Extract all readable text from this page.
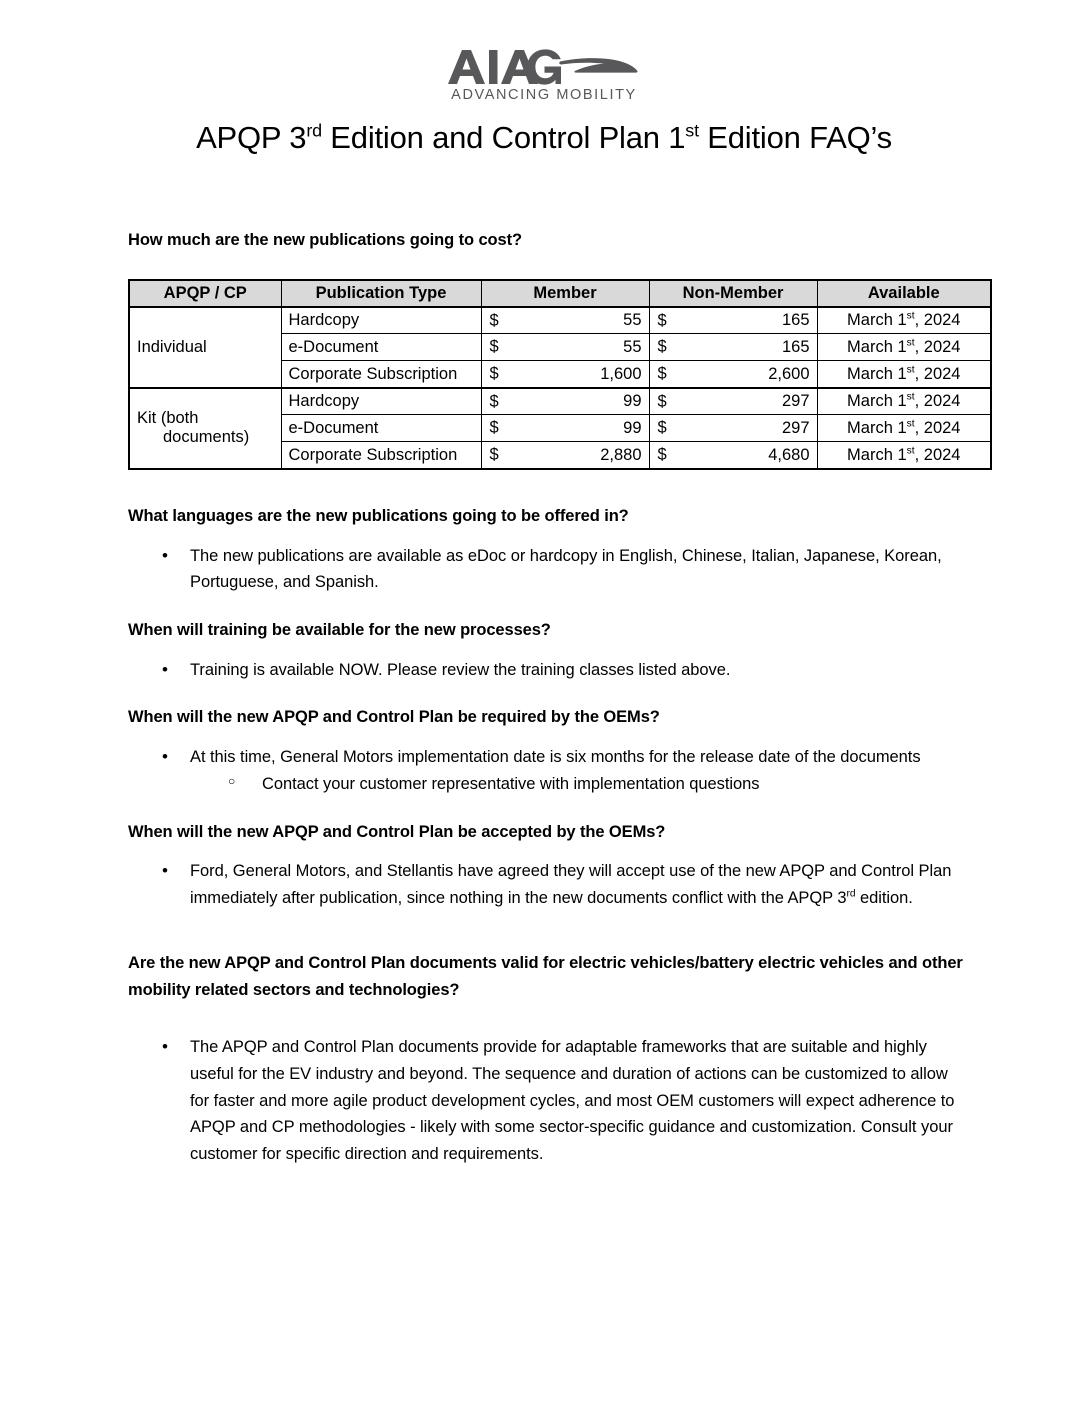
ADVANCING MOBILITY
APQP 3rd Edition and Control Plan 1st Edition FAQ’s

How much are the new publications going to cost?

APQP / CP	Publication Type	Member	Non-Member	Available
Individual	Hardcopy	$ 55	$ 165	March 1st, 2024
	e-Document	$ 55	$ 165	March 1st, 2024
	Corporate Subscription	$ 1,600	$ 2,600	March 1st, 2024
Kit (both
documents)	Hardcopy	$ 99	$ 297	March 1st, 2024
	e-Document	$ 99	$ 297	March 1st, 2024
	Corporate Subscription	$ 2,880	$ 4,680	March 1st, 2024

What languages are the new publications going to be offered in?

• The new publications are available as eDoc or hardcopy in English, Chinese, Italian, Japanese, Korean, Portuguese, and Spanish.

When will training be available for the new processes?

• Training is available NOW. Please review the training classes listed above.

When will the new APQP and Control Plan be required by the OEMs?

• At this time, General Motors implementation date is six months for the release date of the documents
○ Contact your customer representative with implementation questions

When will the new APQP and Control Plan be accepted by the OEMs?

• Ford, General Motors, and Stellantis have agreed they will accept use of the new APQP and Control Plan immediately after publication, since nothing in the new documents conflict with the APQP 3rd edition.

Are the new APQP and Control Plan documents valid for electric vehicles/battery electric vehicles and other mobility related sectors and technologies?

• The APQP and Control Plan documents provide for adaptable frameworks that are suitable and highly useful for the EV industry and beyond. The sequence and duration of actions can be customized to allow for faster and more agile product development cycles, and most OEM customers will expect adherence to APQP and CP methodologies - likely with some sector-specific guidance and customization. Consult your customer for specific direction and requirements.
